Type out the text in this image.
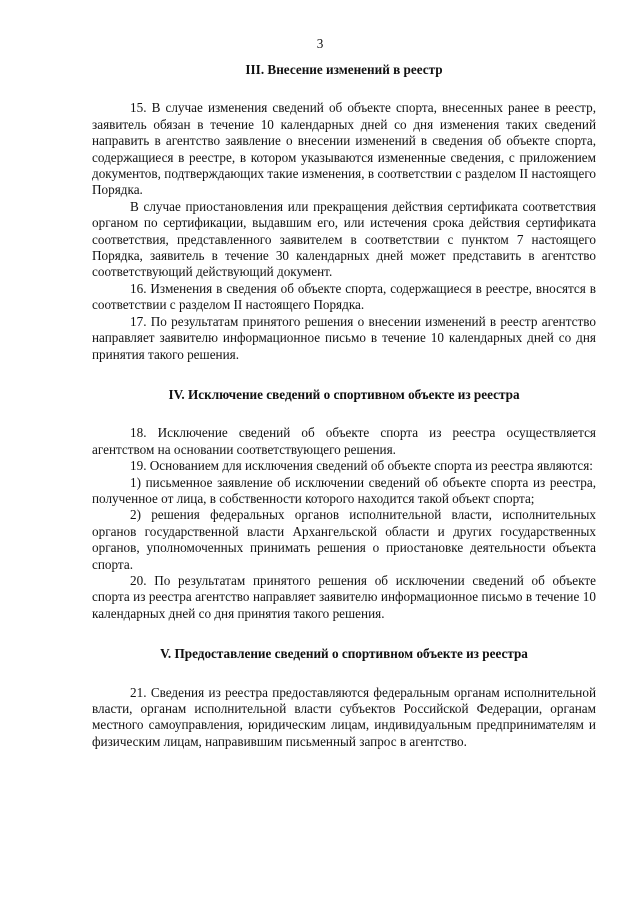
3
III. Внесение изменений в реестр

15. В случае изменения сведений об объекте спорта, внесенных ранее в реестр, заявитель обязан в течение 10 календарных дней со дня изменения таких сведений направить в агентство заявление о внесении изменений в сведения об объекте спорта, содержащиеся в реестре, в котором указываются измененные сведения, с приложением документов, подтверждающих такие изменения, в соответствии с разделом II настоящего Порядка.

В случае приостановления или прекращения действия сертификата соответствия органом по сертификации, выдавшим его, или истечения срока действия сертификата соответствия, представленного заявителем в соответствии с пунктом 7 настоящего Порядка, заявитель в течение 30 календарных дней может представить в агентство соответствующий действующий документ.

16. Изменения в сведения об объекте спорта, содержащиеся в реестре, вносятся в соответствии с разделом II настоящего Порядка.

17. По результатам принятого решения о внесении изменений в реестр агентство направляет заявителю информационное письмо в течение 10 календарных дней со дня принятия такого решения.

IV. Исключение сведений о спортивном объекте из реестра

18. Исключение сведений об объекте спорта из реестра осуществляется агентством на основании соответствующего решения.

19. Основанием для исключения сведений об объекте спорта из реестра являются:

1) письменное заявление об исключении сведений об объекте спорта из реестра, полученное от лица, в собственности которого находится такой объект спорта;

2) решения федеральных органов исполнительной власти, исполнительных органов государственной власти Архангельской области и других государственных органов, уполномоченных принимать решения о приостановке деятельности объекта спорта.

20. По результатам принятого решения об исключении сведений об объекте спорта из реестра агентство направляет заявителю информационное письмо в течение 10 календарных дней со дня принятия такого решения.

V. Предоставление сведений о спортивном объекте из реестра

21. Сведения из реестра предоставляются федеральным органам исполнительной власти, органам исполнительной власти субъектов Российской Федерации, органам местного самоуправления, юридическим лицам, индивидуальным предпринимателям и физическим лицам, направившим письменный запрос в агентство.
